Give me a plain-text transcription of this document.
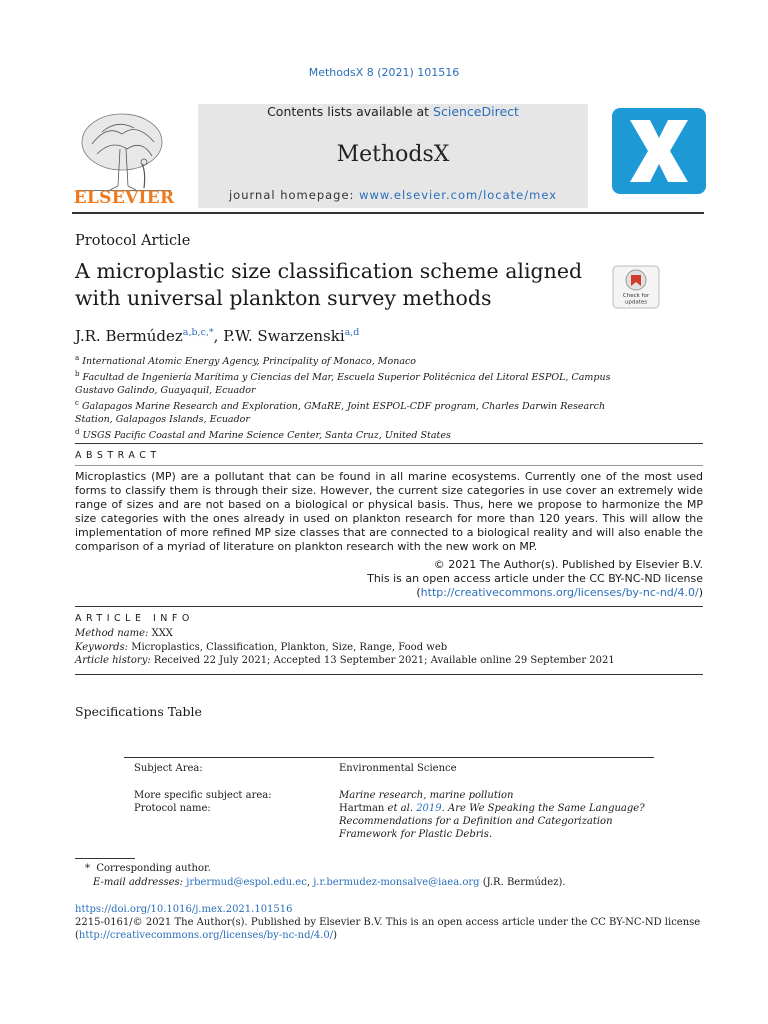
MethodsX 8 (2021) 101516
ELSEVIER
Contents lists available at ScienceDirect
MethodsX
journal homepage: www.elsevier.com/locate/mex
Protocol Article
A microplastic size classification scheme aligned with universal plankton survey methods	Check for
updates
J.R. Bermúdez$^{a,b,c,*}$, P.W. Swarzenski$^{a,d}$
$^a$ International Atomic Energy Agency, Principality of Monaco, Monaco
$^b$ Facultad de Ingeniería Marítima y Ciencias del Mar, Escuela Superior Politécnica del Litoral ESPOL, Campus Gustavo Galindo, Guayaquil, Ecuador
$^c$ Galapagos Marine Research and Exploration, GMaRE, Joint ESPOL-CDF program, Charles Darwin Research Station, Galapagos Islands, Ecuador
$^d$ USGS Pacific Coastal and Marine Science Center, Santa Cruz, United States
ABSTRACT
Microplastics (MP) are a pollutant that can be found in all marine ecosystems. Currently one of the most used forms to classify them is through their size. However, the current size categories in use cover an extremely wide range of sizes and are not based on a biological or physical basis. Thus, here we propose to harmonize the MP size categories with the ones already in used on plankton research for more than 120 years. This will allow the implementation of more refined MP size classes that are connected to a biological reality and will also enable the comparison of a myriad of literature on plankton research with the new work on MP.
© 2021 The Author(s). Published by Elsevier B.V.
This is an open access article under the CC BY-NC-ND license
(http://creativecommons.org/licenses/by-nc-nd/4.0/)
ARTICLE INFO
Method name: XXX
Keywords: Microplastics, Classification, Plankton, Size, Range, Food web
Article history: Received 22 July 2021; Accepted 13 September 2021; Available online 29 September 2021
Specifications Table
Subject Area:	Environmental Science
More specific subject area:	Marine research, marine pollution
Protocol name:	Hartman et al. 2019. Are We Speaking the Same Language? Recommendations for a Definition and Categorization Framework for Plastic Debris.
* Corresponding author.
E-mail addresses: jrbermud@espol.edu.ec, j.r.bermudez-monsalve@iaea.org (J.R. Bermúdez).
https://doi.org/10.1016/j.mex.2021.101516
2215-0161/© 2021 The Author(s). Published by Elsevier B.V. This is an open access article under the CC BY-NC-ND license
(http://creativecommons.org/licenses/by-nc-nd/4.0/)
